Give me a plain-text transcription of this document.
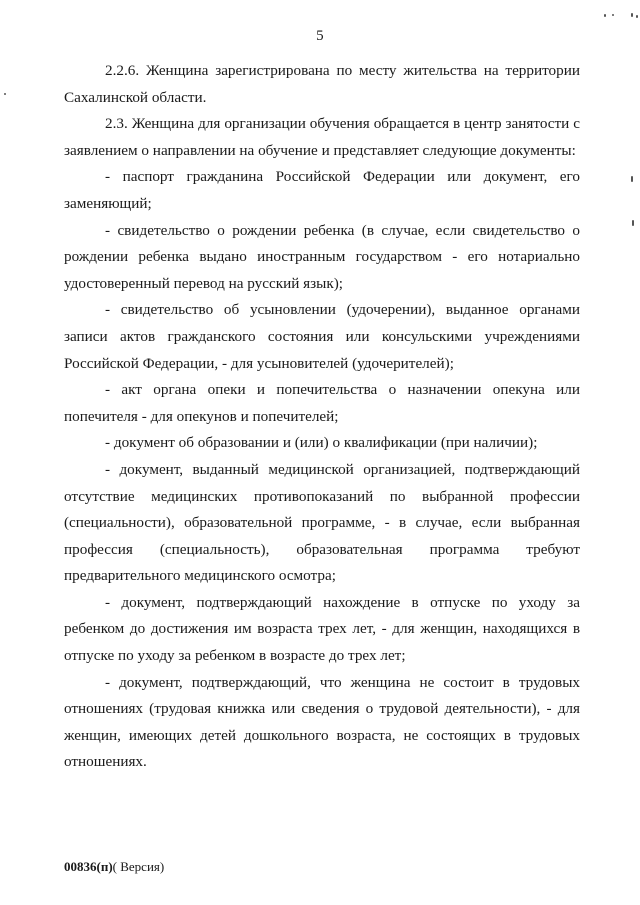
5

2.2.6. Женщина зарегистрирована по месту жительства на территории Сахалинской области.

2.3. Женщина для организации обучения обращается в центр занятости с заявлением о направлении на обучение и представляет следующие документы:

- паспорт гражданина Российской Федерации или документ, его заменяющий;

- свидетельство о рождении ребенка (в случае, если свидетельство о рождении ребенка выдано иностранным государством - его нотариально удостоверенный перевод на русский язык);

- свидетельство об усыновлении (удочерении), выданное органами записи актов гражданского состояния или консульскими учреждениями Российской Федерации, - для усыновителей (удочерителей);

- акт органа опеки и попечительства о назначении опекуна или попечителя - для опекунов и попечителей;

- документ об образовании и (или) о квалификации (при наличии);

- документ, выданный медицинской организацией, подтверждающий отсутствие медицинских противопоказаний по выбранной профессии (специальности), образовательной программе, - в случае, если выбранная профессия (специальность), образовательная программа требуют предварительного медицинского осмотра;

- документ, подтверждающий нахождение в отпуске по уходу за ребенком до достижения им возраста трех лет, - для женщин, находящихся в отпуске по уходу за ребенком в возрасте до трех лет;

- документ, подтверждающий, что женщина не состоит в трудовых отношениях (трудовая книжка или сведения о трудовой деятельности), - для женщин, имеющих детей дошкольного возраста, не состоящих в трудовых отношениях.

00836(п)( Версия)
